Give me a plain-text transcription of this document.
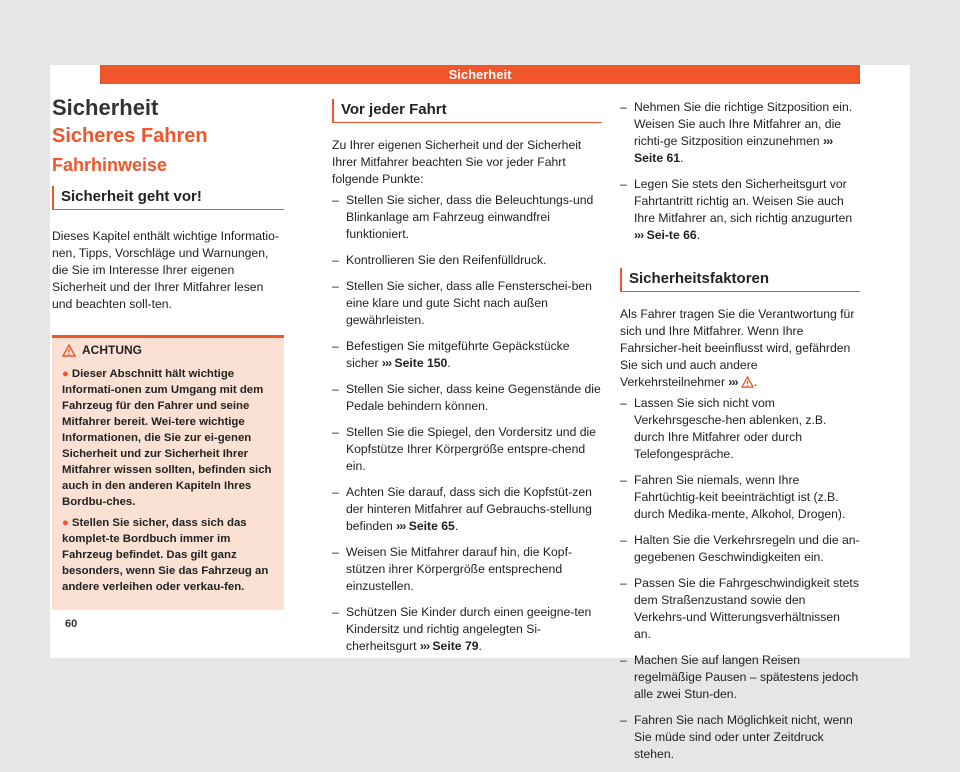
Sicherheit
Sicherheit
Sicheres Fahren
Fahrhinweise
Sicherheit geht vor!

Dieses Kapitel enthält wichtige Informatio-nen, Tipps, Vorschläge und Warnungen, die Sie im Interesse Ihrer eigenen Sicherheit und der Ihrer Mitfahrer lesen und beachten soll-ten.

ACHTUNG
● Dieser Abschnitt hält wichtige Informati-onen zum Umgang mit dem Fahrzeug für den Fahrer und seine Mitfahrer bereit. Wei-tere wichtige Informationen, die Sie zur ei-genen Sicherheit und zur Sicherheit Ihrer Mitfahrer wissen sollten, befinden sich auch in den anderen Kapiteln Ihres Bordbu-ches.
● Stellen Sie sicher, dass sich das komplet-te Bordbuch immer im Fahrzeug befindet. Das gilt ganz besonders, wenn Sie das Fahrzeug an andere verleihen oder verkau-fen.
Vor jeder Fahrt

Zu Ihrer eigenen Sicherheit und der Sicherheit Ihrer Mitfahrer beachten Sie vor jeder Fahrt folgende Punkte:

– Stellen Sie sicher, dass die Beleuchtungs-und Blinkanlage am Fahrzeug einwandfrei funktioniert.
– Kontrollieren Sie den Reifenfülldruck.
– Stellen Sie sicher, dass alle Fensterschei-ben eine klare und gute Sicht nach außen gewährleisten.
– Befestigen Sie mitgeführte Gepäckstücke sicher ››› Seite 150.
– Stellen Sie sicher, dass keine Gegenstände die Pedale behindern können.
– Stellen Sie die Spiegel, den Vordersitz und die Kopfstütze Ihrer Körpergröße entspre-chend ein.
– Achten Sie darauf, dass sich die Kopfstüt-zen der hinteren Mitfahrer auf Gebrauchs-stellung befinden ››› Seite 65.
– Weisen Sie Mitfahrer darauf hin, die Kopf-stützen ihrer Körpergröße entsprechend einzustellen.
– Schützen Sie Kinder durch einen geeigne-ten Kindersitz und richtig angelegten Si-cherheitsgurt ››› Seite 79.
– Nehmen Sie die richtige Sitzposition ein. Weisen Sie auch Ihre Mitfahrer an, die richti-ge Sitzposition einzunehmen ››› Seite 61.
– Legen Sie stets den Sicherheitsgurt vor Fahrtantritt richtig an. Weisen Sie auch Ihre Mitfahrer an, sich richtig anzugurten ››› Sei-te 66.
Sicherheitsfaktoren

Als Fahrer tragen Sie die Verantwortung für sich und Ihre Mitfahrer. Wenn Ihre Fahrsicher-heit beeinflusst wird, gefährden Sie sich und auch andere Verkehrsteilnehmer ››› .

– Lassen Sie sich nicht vom Verkehrsgesche-hen ablenken, z.B. durch Ihre Mitfahrer oder durch Telefongespräche.
– Fahren Sie niemals, wenn Ihre Fahrtüchtig-keit beeinträchtigt ist (z.B. durch Medika-mente, Alkohol, Drogen).
– Halten Sie die Verkehrsregeln und die an-gegebenen Geschwindigkeiten ein.
– Passen Sie die Fahrgeschwindigkeit stets dem Straßenzustand sowie den Verkehrs-und Witterungsverhältnissen an.
– Machen Sie auf langen Reisen regelmäßige Pausen – spätestens jedoch alle zwei Stun-den.
– Fahren Sie nach Möglichkeit nicht, wenn Sie müde sind oder unter Zeitdruck stehen.
60
